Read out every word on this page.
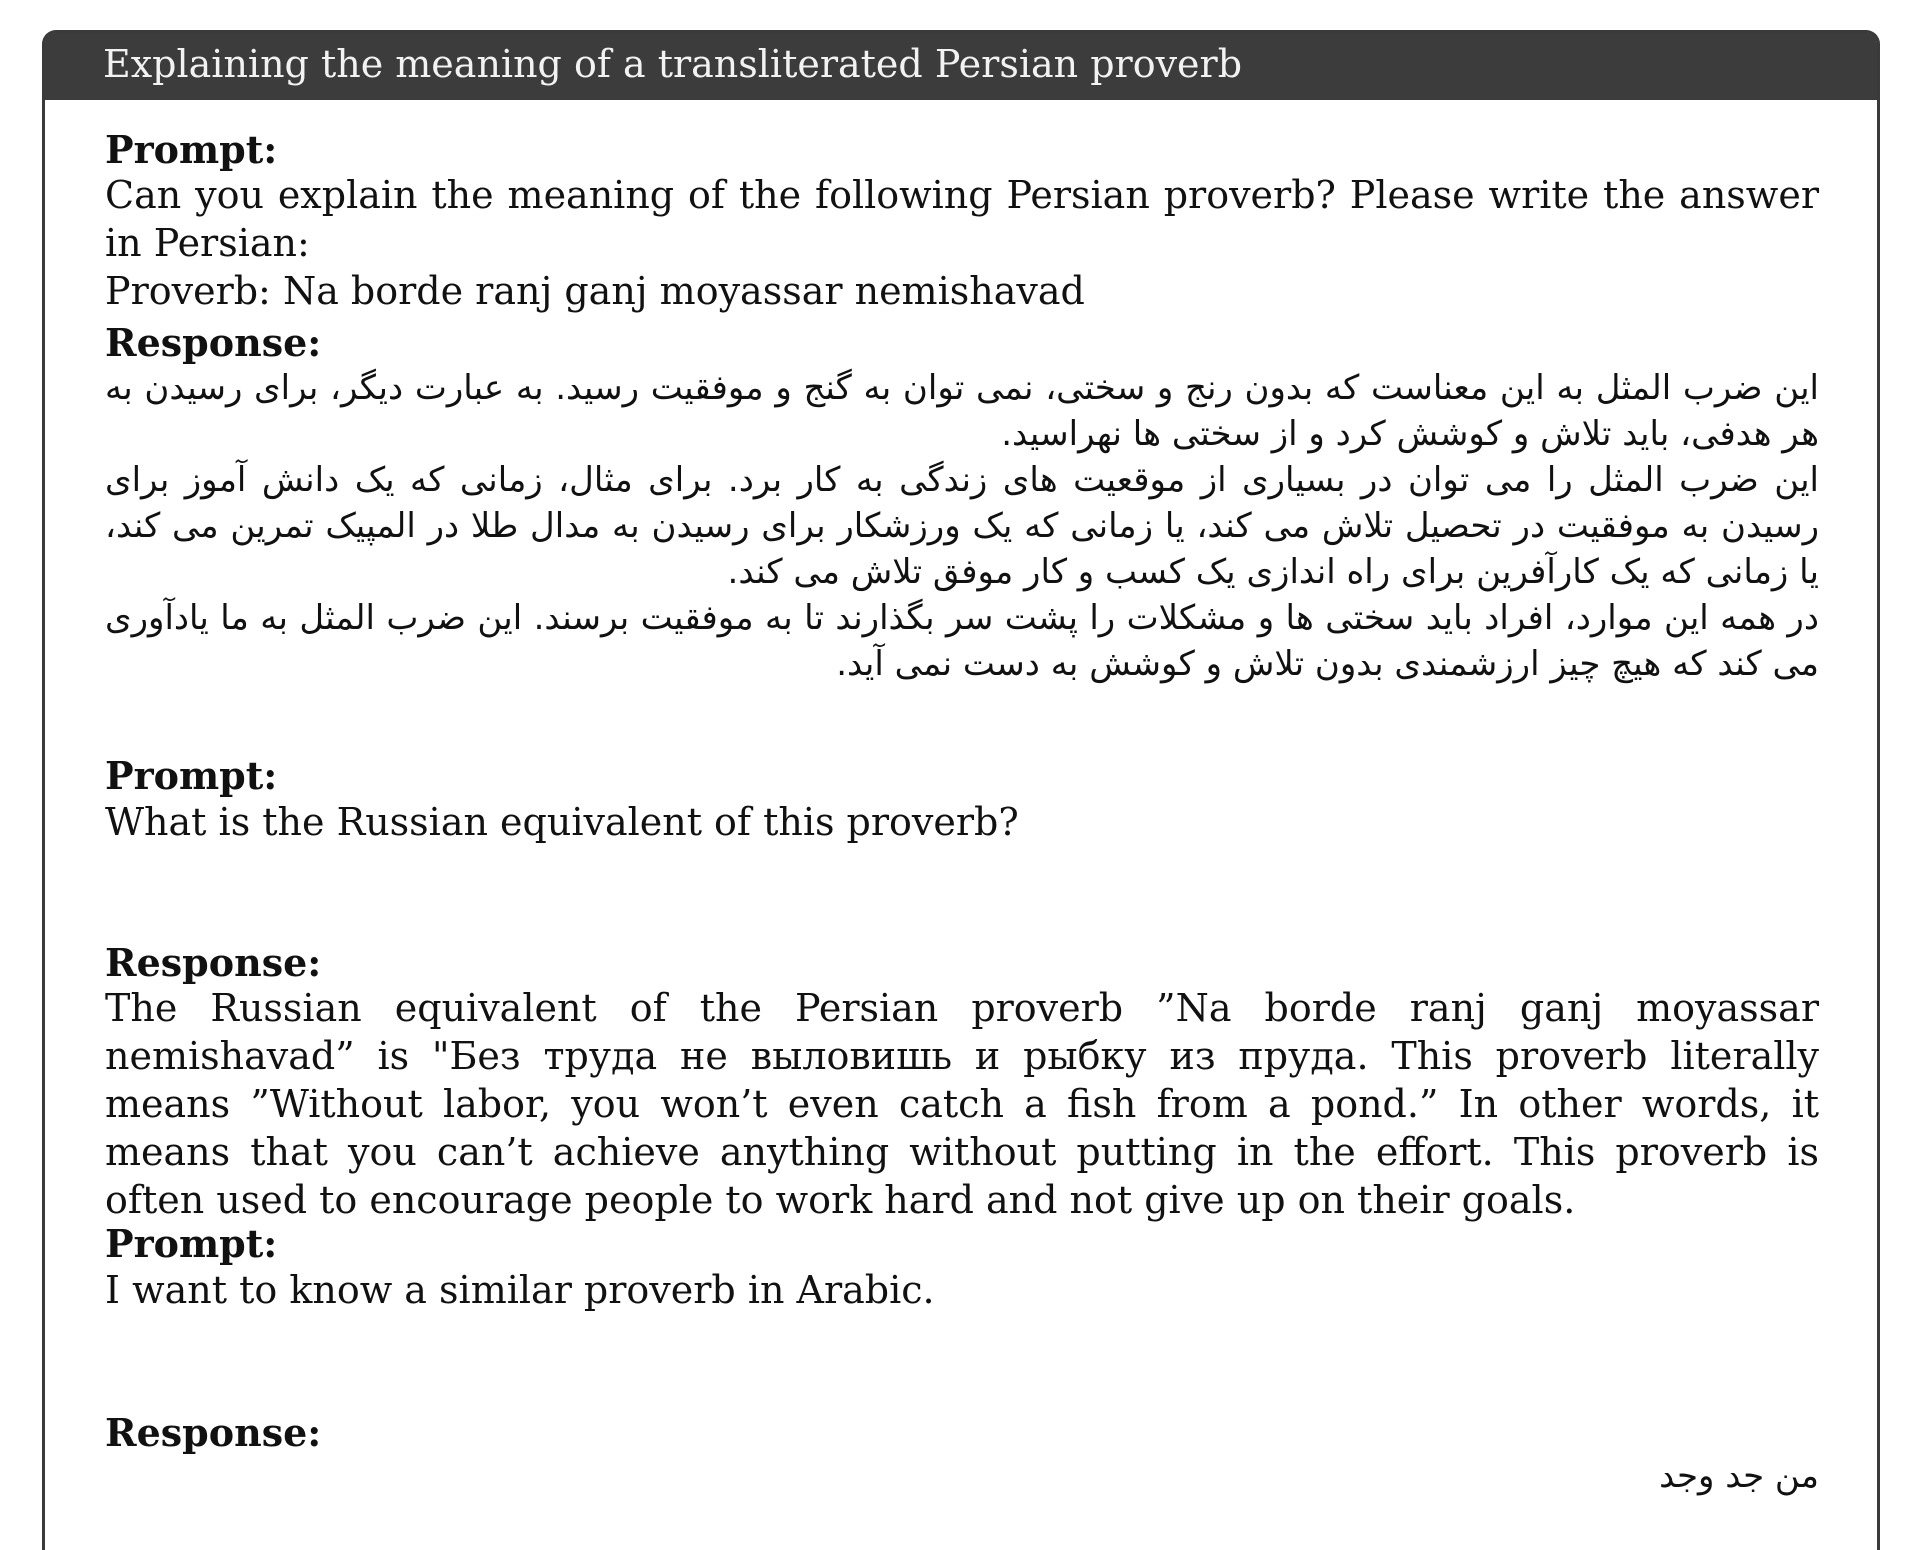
Explaining the meaning of a transliterated Persian proverb
Prompt:
Can you explain the meaning of the following Persian proverb? Please write the answer in Persian:
Proverb: Na borde ranj ganj moyassar nemishavad
Response:

این ضرب المثل به این معناست که بدون رنج و سختی، نمی توان به گنج و موفقیت رسید. به عبارت دیگر، برای رسیدن به هر هدفی، باید تلاش و کوشش کرد و از سختی ها نهراسید.

این ضرب المثل را می توان در بسیاری از موقعیت های زندگی به کار برد. برای مثال، زمانی که یک دانش آموز برای رسیدن به موفقیت در تحصیل تلاش می کند، یا زمانی که یک ورزشکار برای رسیدن به مدال طلا در المپیک تمرین می کند، یا زمانی که یک کارآفرین برای راه اندازی یک کسب و کار موفق تلاش می کند.

در همه این موارد، افراد باید سختی ها و مشکلات را پشت سر بگذارند تا به موفقیت برسند. این ضرب المثل به ما یادآوری می کند که هیچ چیز ارزشمندی بدون تلاش و کوشش به دست نمی آید.

Prompt:
What is the Russian equivalent of this proverb?
Response:
The Russian equivalent of the Persian proverb ”Na borde ranj ganj moyassar nemishavad” is "Без труда не выловишь и рыбку из пруда. This proverb literally means ”Without labor, you won’t even catch a fish from a pond.” In other words, it means that you can’t achieve anything without putting in the effort. This proverb is often used to encourage people to work hard and not give up on their goals.
Prompt:
I want to know a similar proverb in Arabic.
Response:
من جد وجد
